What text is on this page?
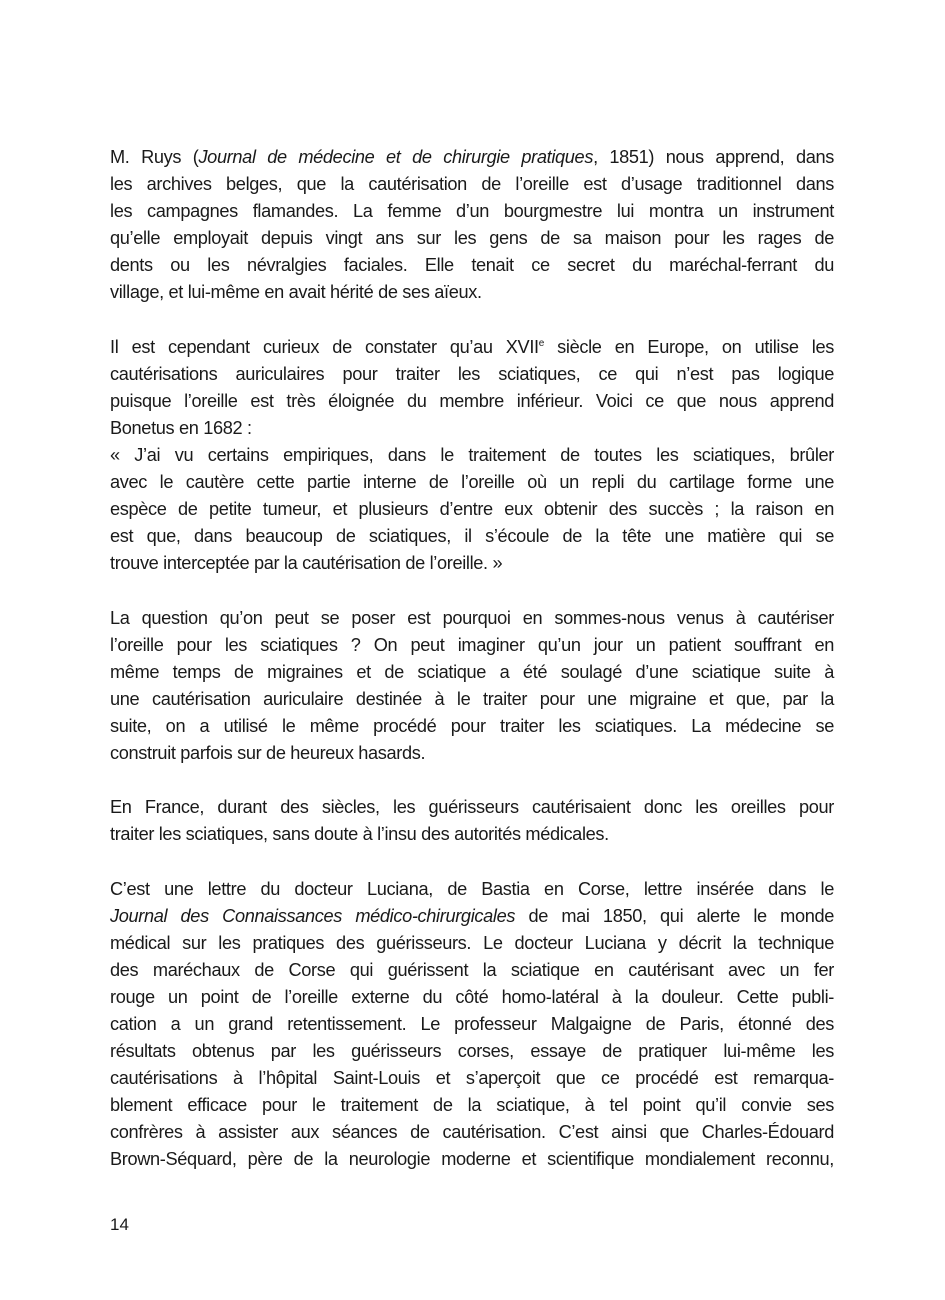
M. Ruys (Journal de médecine et de chirurgie pratiques, 1851) nous apprend, dans
les archives belges, que la cautérisation de l’oreille est d’usage traditionnel dans
les campagnes flamandes. La femme d’un bourgmestre lui montra un instrument
qu’elle employait depuis vingt ans sur les gens de sa maison pour les rages de
dents ou les névralgies faciales. Elle tenait ce secret du maréchal-ferrant du
village, et lui-même en avait hérité de ses aïeux.

Il est cependant curieux de constater qu’au XVIIe siècle en Europe, on utilise les
cautérisations auriculaires pour traiter les sciatiques, ce qui n’est pas logique
puisque l’oreille est très éloignée du membre inférieur. Voici ce que nous apprend
Bonetus en 1682 :
« J’ai vu certains empiriques, dans le traitement de toutes les sciatiques, brûler
avec le cautère cette partie interne de l’oreille où un repli du cartilage forme une
espèce de petite tumeur, et plusieurs d’entre eux obtenir des succès ; la raison en
est que, dans beaucoup de sciatiques, il s’écoule de la tête une matière qui se
trouve interceptée par la cautérisation de l’oreille. »

La question qu’on peut se poser est pourquoi en sommes-nous venus à cautériser
l’oreille pour les sciatiques ? On peut imaginer qu’un jour un patient souffrant en
même temps de migraines et de sciatique a été soulagé d’une sciatique suite à
une cautérisation auriculaire destinée à le traiter pour une migraine et que, par la
suite, on a utilisé le même procédé pour traiter les sciatiques. La médecine se
construit parfois sur de heureux hasards.

En France, durant des siècles, les guérisseurs cautérisaient donc les oreilles pour
traiter les sciatiques, sans doute à l’insu des autorités médicales.

C’est une lettre du docteur Luciana, de Bastia en Corse, lettre insérée dans le
Journal des Connaissances médico-chirurgicales de mai 1850, qui alerte le monde
médical sur les pratiques des guérisseurs. Le docteur Luciana y décrit la technique
des maréchaux de Corse qui guérissent la sciatique en cautérisant avec un fer
rouge un point de l’oreille externe du côté homo-latéral à la douleur. Cette publi-
cation a un grand retentissement. Le professeur Malgaigne de Paris, étonné des
résultats obtenus par les guérisseurs corses, essaye de pratiquer lui-même les
cautérisations à l’hôpital Saint-Louis et s’aperçoit que ce procédé est remarqua-
blement efficace pour le traitement de la sciatique, à tel point qu’il convie ses
confrères à assister aux séances de cautérisation. C’est ainsi que Charles-Édouard
Brown-Séquard, père de la neurologie moderne et scientifique mondialement reconnu,

14
